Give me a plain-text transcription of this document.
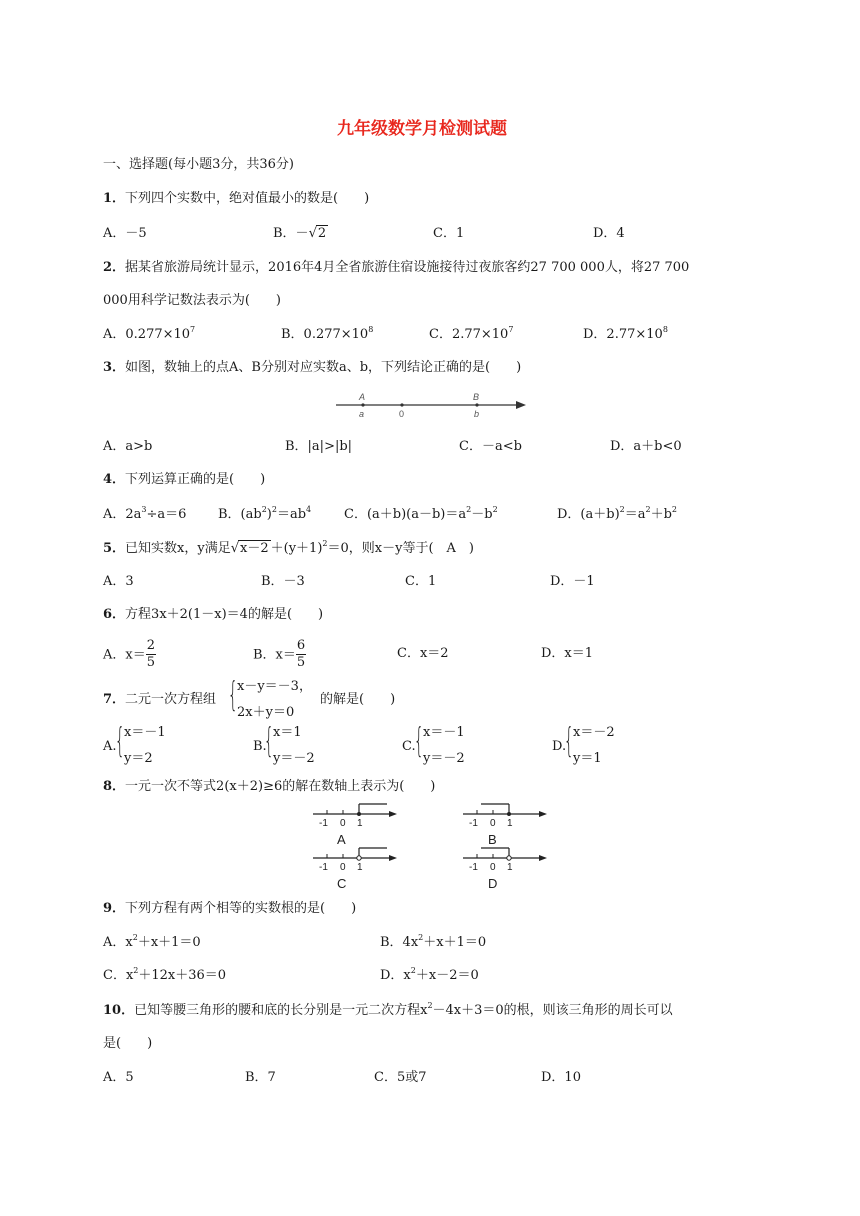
九年级数学月检测试题
一、选择题(每小题3分，共36分)
1．下列四个实数中，绝对值最小的数是(　　)
A．－5	B．－√2	C．1	D．4
2．据某省旅游局统计显示，2016年4月全省旅游住宿设施接待过夜旅客约27 700 000人，将27 700
000用科学记数法表示为(　　)
A．$0.277\times 10^7$	B．$0.277\times 10^8$	C．$2.77\times 10^7$	D．$2.77\times 10^8$
3．如图，数轴上的点A、B分别对应实数a、b，下列结论正确的是(　　)
A
a	0
B
b
A．a>b	B．|a|>|b|	C．－a<b	D．a＋b<0
4．下列运算正确的是(　　)
A．$2a^3\div a=6$ B．$(ab^2)^2=ab^4$	C．$(a+b)(a-b)=a^2-b^2$	D．$(a+b)^2=a^2+b^2$
5．已知实数x，y满足$√x-2 +(y+1)^2=0$，则x－y等于(　A　)
A．3	B．－3	C．1	D．－1
6．方程3x＋2(1－x)＝4的解是(　　)
A．$x= \frac{2}{5}$	B．$x= \frac{6}{5}$	C．x＝2	D．x＝1
7．二元一次方程组 { x－y＝－3，
2x＋y＝0
的解是(　　)
A.
{ x＝－1
y＝2
B.
{ x＝1
y＝－2
C.
{ x＝－1
y＝－2
D.
{ x＝－2
y＝1
8．一元一次不等式2(x＋2)≥6的解在数轴上表示为(　　)
-1 0 1
A
-1 0 1
B
-1 0 1
C
-1 0 1
D
9．下列方程有两个相等的实数根的是(　　)
A．$x^2+x+1=0$	B．$4x^2+x+1=0$
C．$x^2+12x+36=0$	D．$x^2+x-2=0$
10．已知等腰三角形的腰和底的长分别是一元二次方程$x^2-4x+3=0$的根，则该三角形的周长可以
是(　　)
A．5	B．7	C．5或7	D．10
